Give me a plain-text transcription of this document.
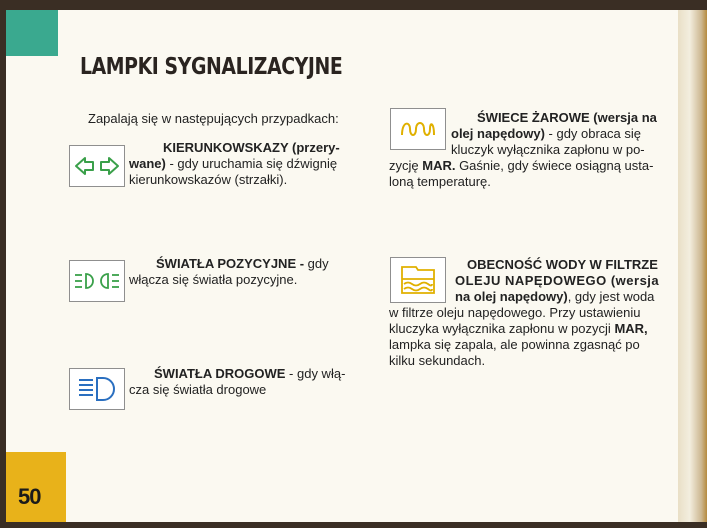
50
LAMPKI SYGNALIZACYJNE
Zapalają się w następujących przypadkach:

KIERUNKOWSKAZY (przery-

wane) - gdy uruchamia się dźwignię

kierunkowskazów (strzałki).

ŚWIATŁA POZYCYJNE - gdy

włącza się światła pozycyjne.

ŚWIATŁA DROGOWE - gdy włą-

cza się światła drogowe

ŚWIECE ŻAROWE (wersja na

olej napędowy) - gdy obraca się

kluczyk wyłącznika zapłonu w po-

zycję MAR. Gaśnie, gdy świece osiągną usta-

loną temperaturę.

OBECNOŚĆ WODY W FILTRZE

OLEJU NAPĘDOWEGO (wersja

na olej napędowy), gdy jest woda

w filtrze oleju napędowego. Przy ustawieniu

kluczyka wyłącznika zapłonu w pozycji MAR,

lampka się zapala, ale powinna zgasnąć po

kilku sekundach.
